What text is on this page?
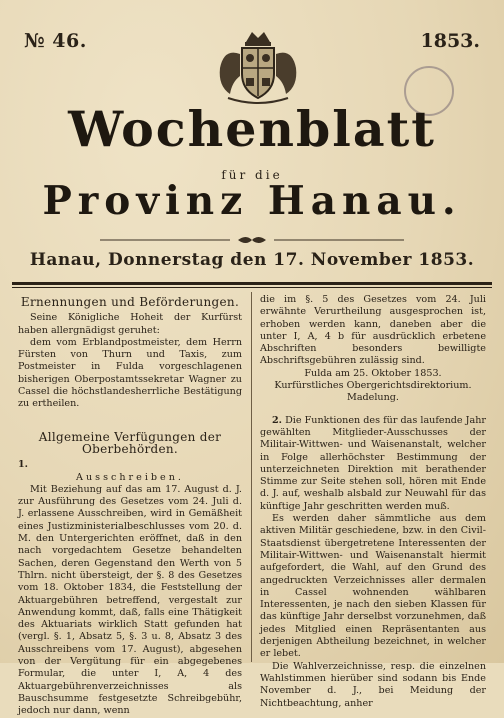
№ 46.	1853.
Wochenblatt
für die
Provinz Hanau.
Hanau, Donnerstag den 17. November 1853.

Ernennungen und Beförderungen.

Seine Königliche Hoheit der Kurfürst haben allergnädigst geruhet:

dem vom Erblandpostmeister, dem Herrn Fürsten von Thurn und Taxis, zum Postmeister in Fulda vorgeschlagenen bisherigen Oberpostamtssekretar Wagner zu Cassel die höchstlandesherrliche Bestätigung zu ertheilen.

Allgemeine Verfügungen der Oberbehörden.

1.

Ausschreiben.

Mit Beziehung auf das am 17. August d. J. zur Ausführung des Gesetzes vom 24. Juli d. J. erlassene Ausschreiben, wird in Gemäßheit eines Justizministerialbeschlusses vom 20. d. M. den Untergerichten eröffnet, daß in den nach vorgedachtem Gesetze behandelten Sachen, deren Gegenstand den Werth von 5 Thlrn. nicht übersteigt, der §. 8 des Gesetzes vom 18. Oktober 1834, die Feststellung der Aktuargebühren betreffend, vergestalt zur Anwendung kommt, daß, falls eine Thätigkeit des Aktuariats wirklich Statt gefunden hat (vergl. §. 1, Absatz 5, §. 3 u. 8, Absatz 3 des Ausschreibens vom 17. August), abgesehen von der Vergütung für ein abgegebenes Formular, die unter I, A, 4 des Aktuargebührenverzeichnisses als Bauschsumme festgesetzte Schreibgebühr, jedoch nur dann, wenn

die im §. 5 des Gesetzes vom 24. Juli erwähnte Verurtheilung ausgesprochen ist, erhoben werden kann, daneben aber die unter I, A, 4 b für ausdrücklich erbetene Abschriften besonders bewilligte Abschriftsgebühren zulässig sind.

Fulda am 25. Oktober 1853.

Kurfürstliches Obergerichtsdirektorium.

Madelung.

2. Die Funktionen des für das laufende Jahr gewählten Mitglieder-Ausschusses der Militair-Wittwen- und Waisenanstalt, welcher in Folge allerhöchster Bestimmung der unterzeichneten Direktion mit berathender Stimme zur Seite stehen soll, hören mit Ende d. J. auf, weshalb alsbald zur Neuwahl für das künftige Jahr geschritten werden muß.

Es werden daher sämmtliche aus dem aktiven Militär geschiedene, bzw. in den Civil-Staatsdienst übergetretene Interessenten der Militair-Wittwen- und Waisenanstalt hiermit aufgefordert, die Wahl, auf den Grund des angedruckten Verzeichnisses aller dermalen in Cassel wohnenden wählbaren Interessenten, je nach den sieben Klassen für das künftige Jahr derselbst vorzunehmen, daß jedes Mitglied einen Repräsentanten aus derjenigen Abtheilung bezeichnet, in welcher er lebet.

Die Wahlverzeichnisse, resp. die einzelnen Wahlstimmen hierüber sind sodann bis Ende November d. J., bei Meidung der Nichtbeachtung, anher
